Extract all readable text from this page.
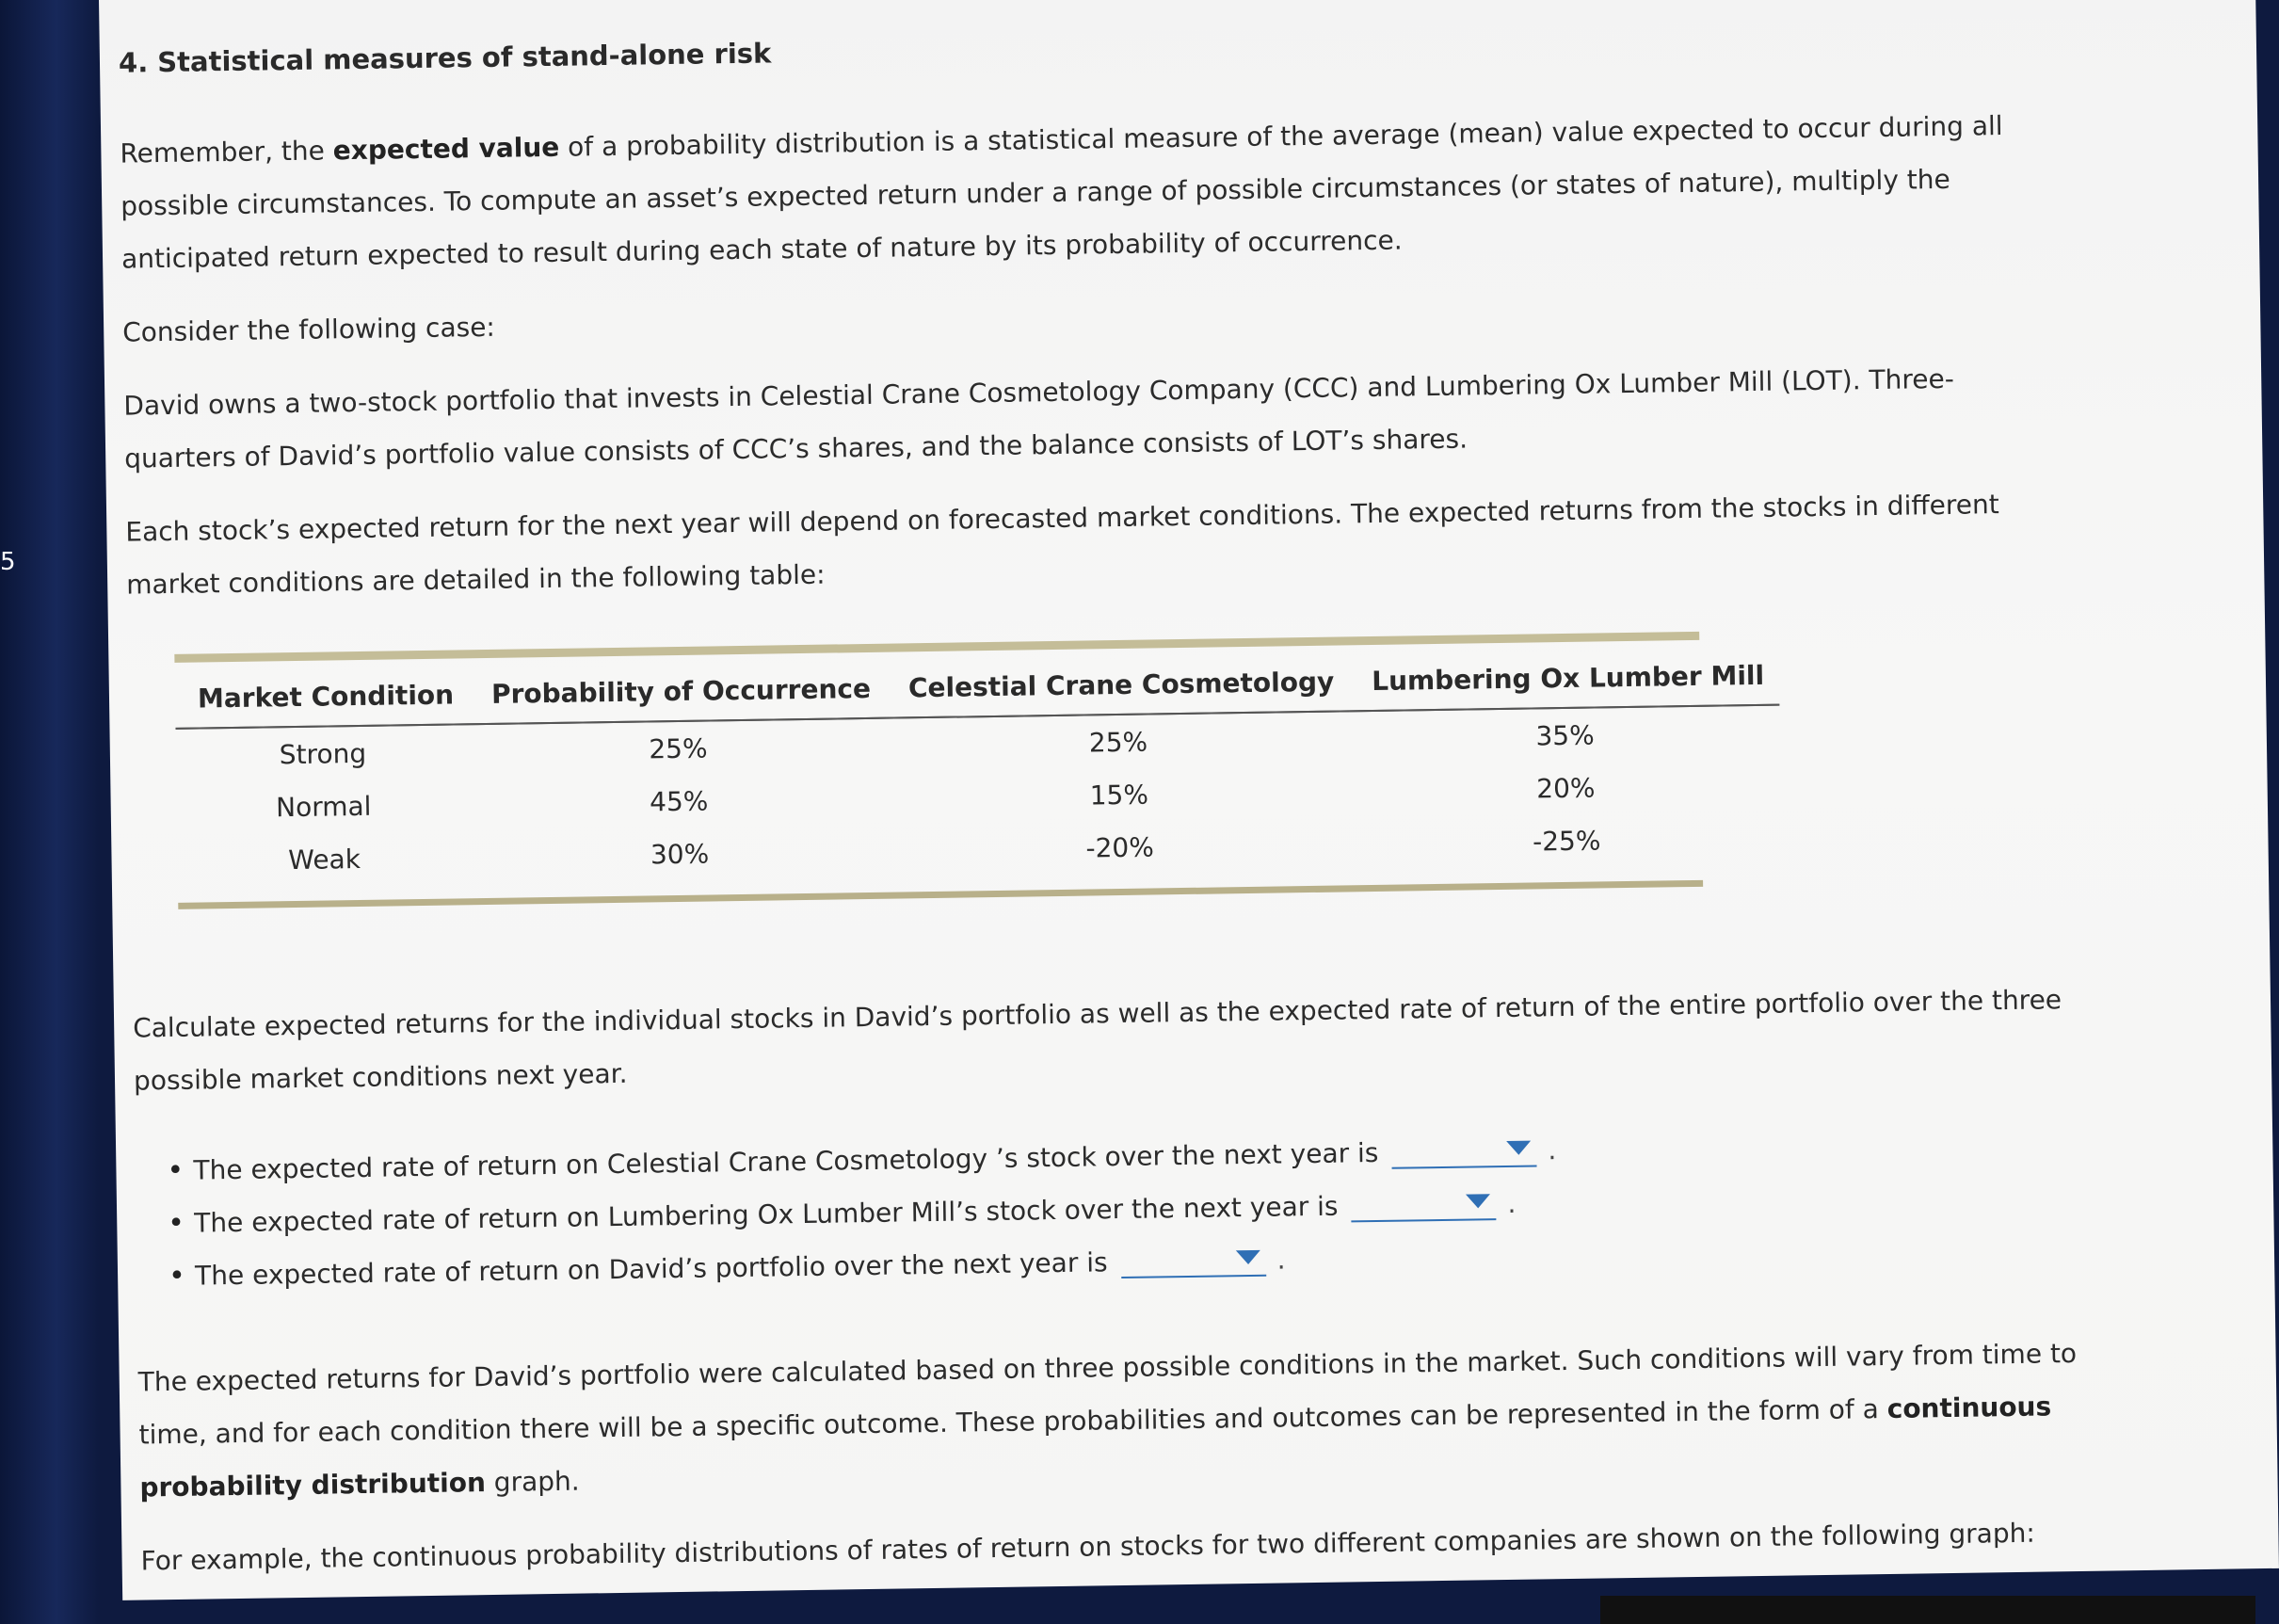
5
4. Statistical measures of stand-alone risk

Remember, the expected value of a probability distribution is a statistical measure of the average (mean) value expected to occur during all possible circumstances. To compute an asset’s expected return under a range of possible circumstances (or states of nature), multiply the anticipated return expected to result during each state of nature by its probability of occurrence.

Consider the following case:

David owns a two-stock portfolio that invests in Celestial Crane Cosmetology Company (CCC) and Lumbering Ox Lumber Mill (LOT). Three-quarters of David’s portfolio value consists of CCC’s shares, and the balance consists of LOT’s shares.

Each stock’s expected return for the next year will depend on forecasted market conditions. The expected returns from the stocks in different market conditions are detailed in the following table:

Market Condition	Probability of Occurrence	Celestial Crane Cosmetology	Lumbering Ox Lumber Mill
Strong	25%	25%	35%
Normal	45%	15%	20%
Weak	30%	-20%	-25%

Calculate expected returns for the individual stocks in David’s portfolio as well as the expected rate of return of the entire portfolio over the three possible market conditions next year.

• The expected rate of return on Celestial Crane Cosmetology ’s stock over the next year is	.
• The expected rate of return on Lumbering Ox Lumber Mill’s stock over the next year is	.
• The expected rate of return on David’s portfolio over the next year is	.

The expected returns for David’s portfolio were calculated based on three possible conditions in the market. Such conditions will vary from time to time, and for each condition there will be a specific outcome. These probabilities and outcomes can be represented in the form of a continuous probability distribution graph.

For example, the continuous probability distributions of rates of return on stocks for two different companies are shown on the following graph:
